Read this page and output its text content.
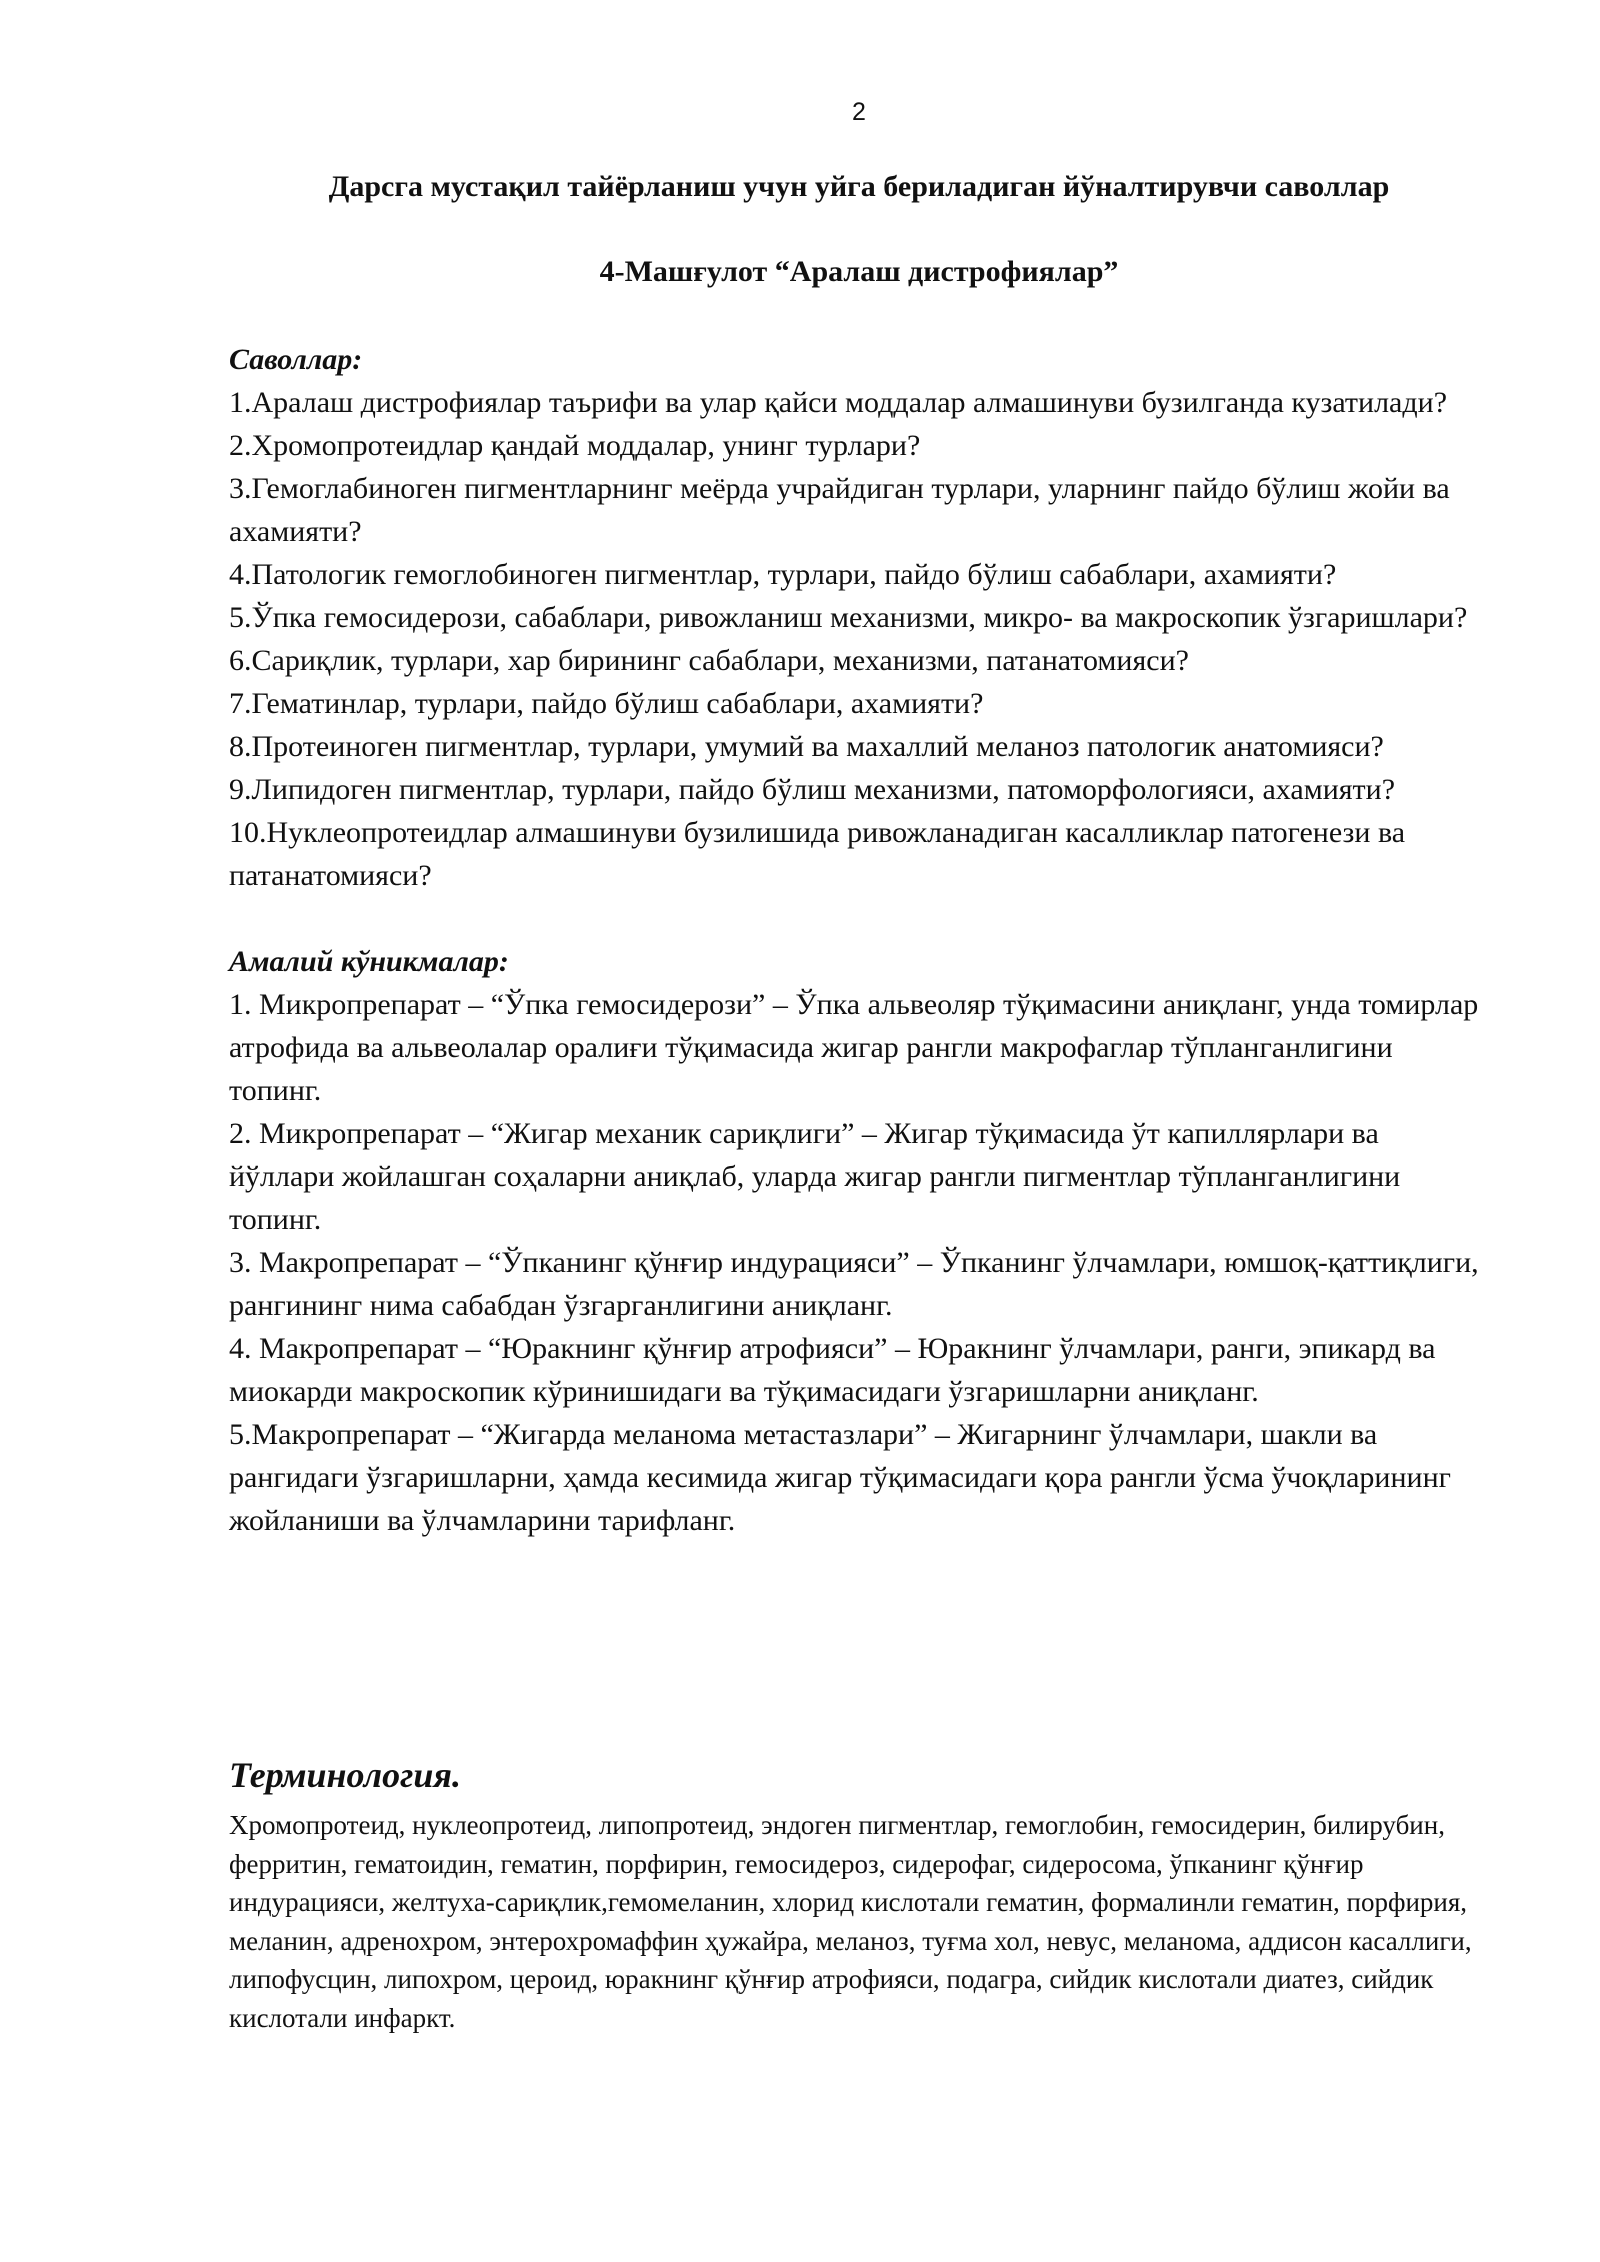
2
Дарсга мустақил тайёрланиш учун уйга бериладиган йўналтирувчи саволлар
4-Машғулот “Аралаш дистрофиялар”

Саволлар:

1.Аралаш дистрофиялар таърифи ва улар қайси моддалар алмашинуви бузилганда кузатилади?

2.Хромопротеидлар қандай моддалар, унинг турлари?

3.Гемоглабиноген пигментларнинг меёрда учрайдиган турлари, уларнинг пайдо бўлиш жойи ва ахамияти?

4.Патологик гемоглобиноген пигментлар, турлари, пайдо бўлиш сабаблари, ахамияти?

5.Ўпка гемосидерози, сабаблари, ривожланиш механизми, микро- ва макроскопик ўзгаришлари?

6.Сариқлик, турлари, хар бирининг сабаблари, механизми, патанатомияси?

7.Гематинлар, турлари, пайдо бўлиш сабаблари, ахамияти?

8.Протеиноген пигментлар, турлари, умумий ва махаллий меланоз патологик анатомияси?

9.Липидоген пигментлар, турлари, пайдо бўлиш механизми, патоморфологияси, ахамияти?

10.Нуклеопротеидлар алмашинуви бузилишида ривожланадиган касалликлар патогенези ва патанатомияси?

Амалий кўникмалар:

1. Микропрепарат – “Ўпка гемосидерози” – Ўпка альвеоляр тўқимасини аниқланг, унда томирлар атрофида ва альвеолалар оралиғи тўқимасида жигар рангли макрофаглар тўпланганлигини топинг.

2. Микропрепарат – “Жигар механик сариқлиги” – Жигар тўқимасида ўт капиллярлари ва йўллари жойлашган соҳаларни аниқлаб, уларда жигар рангли пигментлар тўпланганлигини топинг.

3. Макропрепарат – “Ўпканинг қўнғир индурацияси” – Ўпканинг ўлчамлари, юмшоқ-қаттиқлиги, рангининг нима сабабдан ўзгарганлигини аниқланг.

4. Макропрепарат – “Юракнинг қўнғир атрофияси” – Юракнинг ўлчамлари, ранги, эпикард ва миокарди макроскопик кўринишидаги ва тўқимасидаги ўзгаришларни аниқланг.

5.Макропрепарат – “Жигарда меланома метастазлари” – Жигарнинг ўлчамлари, шакли ва рангидаги ўзгаришларни, ҳамда кесимида жигар тўқимасидаги қора рангли ўсма ўчоқларининг жойланиши ва ўлчамларини тарифланг.

Терминология.

Хромопротеид, нуклеопротеид, липопротеид, эндоген пигментлар, гемоглобин, гемосидерин, билирубин, ферритин, гематоидин, гематин, порфирин, гемосидероз, сидерофаг, сидеросома, ўпканинг қўнғир индурацияси, желтуха-сариқлик,гемомеланин, хлорид кислотали гематин, формалинли гематин, порфирия, меланин, адренохром, энтерохромаффин ҳужайра, меланоз, туғма хол, невус, меланома, аддисон касаллиги, липофусцин, липохром, цероид, юракнинг қўнғир атрофияси, подагра, сийдик кислотали диатез, сийдик кислотали инфаркт.
